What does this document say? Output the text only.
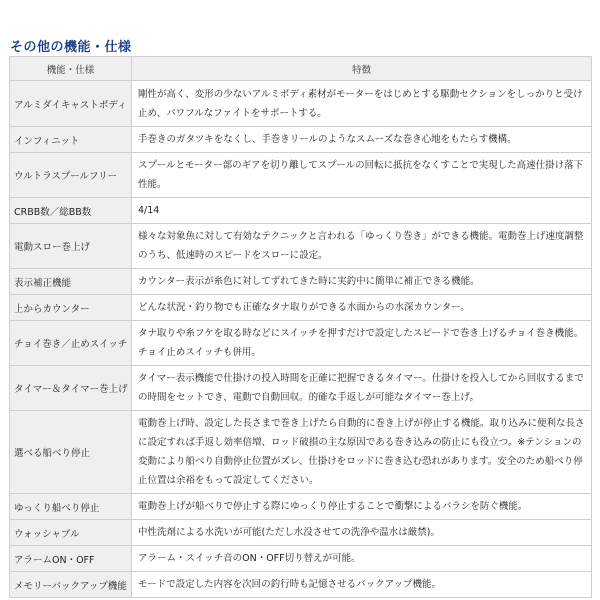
その他の機能・仕様
機能・仕様	特徴
アルミダイキャストボディ	剛性が高く、変形の少ないアルミボディ素材がモーターをはじめとする駆動セクションをしっかりと受け止め、パワフルなファイトをサポートする。
インフィニット	手巻きのガタツキをなくし、手巻きリールのようなスムーズな巻き心地をもたらす機構。
ウルトラスプールフリー	スプールとモーター部のギアを切り離してスプールの回転に抵抗をなくすことで実現した高速仕掛け落下性能。
CRBB数／総BB数	4/14
電動スロー巻上げ	様々な対象魚に対して有効なテクニックと言われる「ゆっくり巻き」ができる機能。電動巻上げ速度調整のうち、低速時のスピードをスローに設定。
表示補正機能	カウンター表示が糸色に対してずれてきた時に実釣中に簡単に補正できる機能。
上からカウンター	どんな状況・釣り物でも正確なタナ取りができる水面からの水深カウンター。
チョイ巻き／止めスイッチ	タナ取りや糸フケを取る時などにスイッチを押すだけで設定したスピードで巻き上げるチョイ巻き機能。チョイ止めスイッチも併用。
タイマー＆タイマー巻上げ	タイマー表示機能で仕掛けの投入時間を正確に把握できるタイマー。仕掛けを投入してから回収するまでの時間をセットでき、電動で自動回収。的確な手返しが可能なタイマー巻上げ。
選べる船べり停止	電動巻上げ時、設定した長さまで巻き上げたら自動的に巻き上げが停止する機能。取り込みに便利な長さに設定すれば手返し効率倍増、ロッド破損の主な原因である巻き込みの防止にも役立つ。※テンションの変動により船べり自動停止位置がズレ、仕掛けをロッドに巻き込む恐れがあります。安全のため船べり停止位置は余裕をもって設定してください。
ゆっくり船べり停止	電動巻上げが船べりで停止する際にゆっくり停止することで衝撃によるバラシを防ぐ機能。
ウォッシャブル	中性洗剤による水洗いが可能(ただし水没させての洗浄や温水は厳禁)。
アラームON・OFF	アラーム・スイッチ音のON・OFF切り替えが可能。
メモリーバックアップ機能	モードで設定した内容を次回の釣行時も記憶させるバックアップ機能。
